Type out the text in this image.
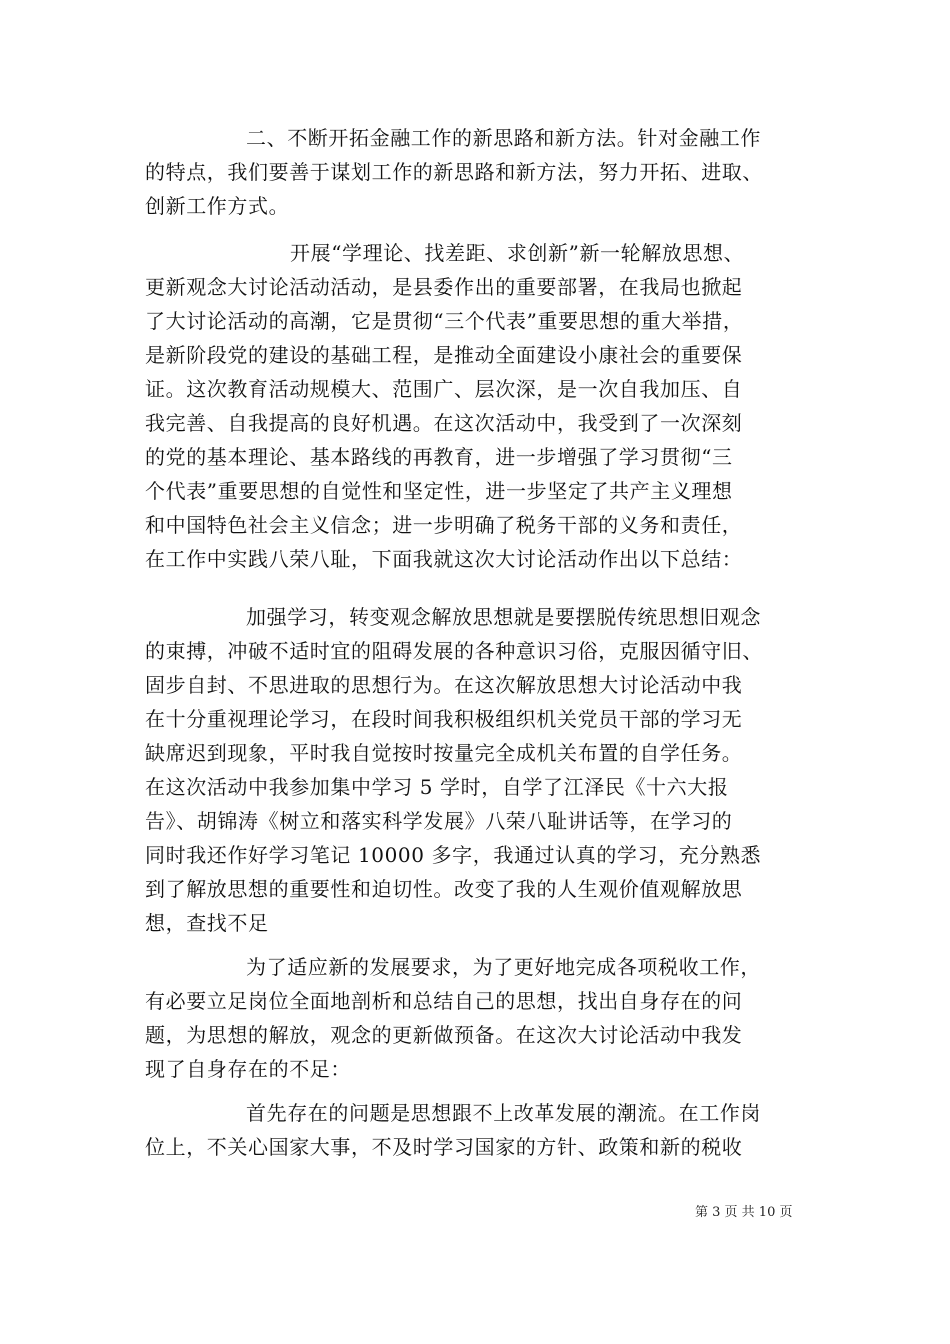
二、不断开拓金融工作的新思路和新方法。针对金融工作
的特点，我们要善于谋划工作的新思路和新方法，努力开拓、进取、
创新工作方式。
开展“学理论、找差距、求创新”新一轮解放思想、
更新观念大讨论活动活动，是县委作出的重要部署，在我局也掀起
了大讨论活动的高潮，它是贯彻“三个代表”重要思想的重大举措，
是新阶段党的建设的基础工程，是推动全面建设小康社会的重要保
证。这次教育活动规模大、范围广、层次深，是一次自我加压、自
我完善、自我提高的良好机遇。在这次活动中，我受到了一次深刻
的党的基本理论、基本路线的再教育，进一步增强了学习贯彻“三
个代表”重要思想的自觉性和坚定性，进一步坚定了共产主义理想
和中国特色社会主义信念；进一步明确了税务干部的义务和责任，
在工作中实践八荣八耻，下面我就这次大讨论活动作出以下总结：
加强学习，转变观念解放思想就是要摆脱传统思想旧观念
的束搏，冲破不适时宜的阻碍发展的各种意识习俗，克服因循守旧、
固步自封、不思进取的思想行为。在这次解放思想大讨论活动中我
在十分重视理论学习，在段时间我积极组织机关党员干部的学习无
缺席迟到现象，平时我自觉按时按量完全成机关布置的自学任务。
在这次活动中我参加集中学习 5 学时，自学了江泽民《十六大报
告》、胡锦涛《树立和落实科学发展》八荣八耻讲话等，在学习的
同时我还作好学习笔记 10000 多字，我通过认真的学习，充分熟悉
到了解放思想的重要性和迫切性。改变了我的人生观价值观解放思
想，查找不足
为了适应新的发展要求，为了更好地完成各项税收工作，
有必要立足岗位全面地剖析和总结自己的思想，找出自身存在的问
题，为思想的解放，观念的更新做预备。在这次大讨论活动中我发
现了自身存在的不足：
首先存在的问题是思想跟不上改革发展的潮流。在工作岗
位上，不关心国家大事，不及时学习国家的方针、政策和新的税收
第 3 页 共 10 页
